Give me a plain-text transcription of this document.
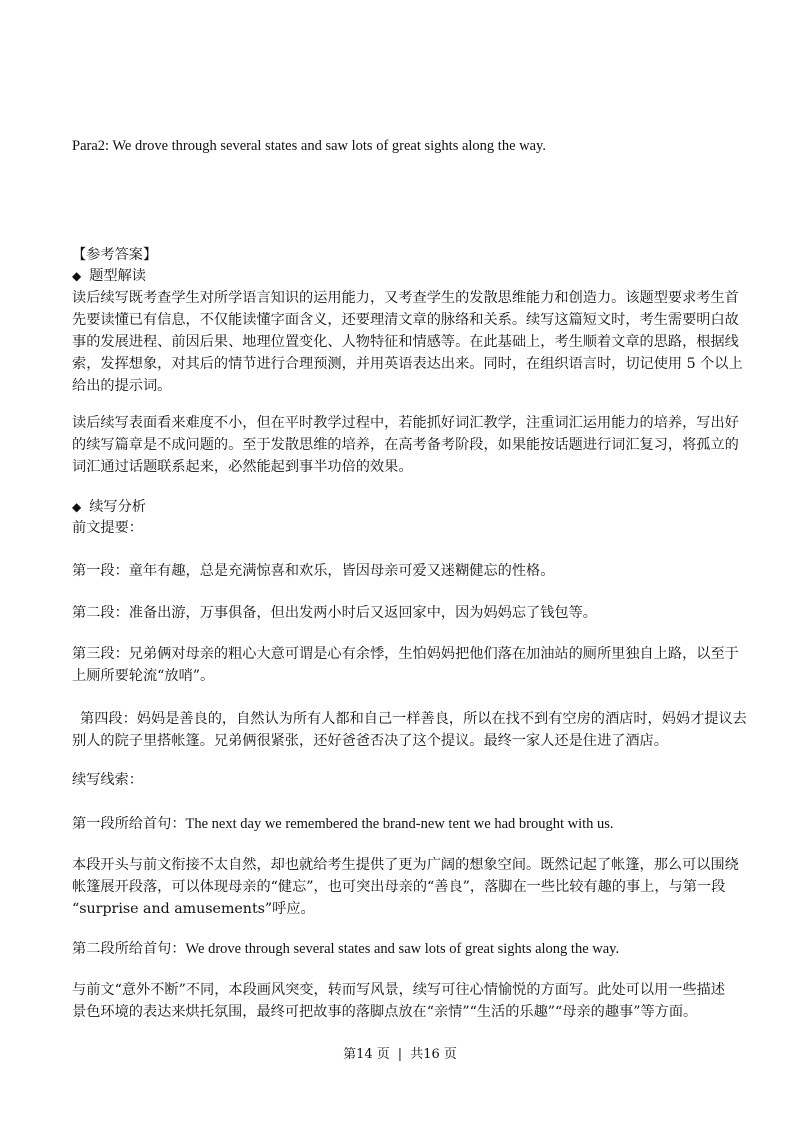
Para2: We drove through several states and saw lots of great sights along the way.
【参考答案】
◆ 题型解读
读后续写既考查学生对所学语言知识的运用能力，又考查学生的发散思维能力和创造力。该题型要求考生首
先要读懂已有信息，不仅能读懂字面含义，还要理清文章的脉络和关系。续写这篇短文时，考生需要明白故
事的发展进程、前因后果、地理位置变化、人物特征和情感等。在此基础上，考生顺着文章的思路，根据线
索，发挥想象，对其后的情节进行合理预测，并用英语表达出来。同时，在组织语言时，切记使用 5 个以上
给出的提示词。
读后续写表面看来难度不小，但在平时教学过程中，若能抓好词汇教学，注重词汇运用能力的培养，写出好
的续写篇章是不成问题的。至于发散思维的培养，在高考备考阶段，如果能按话题进行词汇复习，将孤立的
词汇通过话题联系起来，必然能起到事半功倍的效果。
◆ 续写分析
前文提要：
第一段：童年有趣，总是充满惊喜和欢乐，皆因母亲可爱又迷糊健忘的性格。
第二段：准备出游，万事俱备，但出发两小时后又返回家中，因为妈妈忘了钱包等。
第三段：兄弟俩对母亲的粗心大意可谓是心有余悸，生怕妈妈把他们落在加油站的厕所里独自上路，以至于
上厕所要轮流“放哨”。
第四段：妈妈是善良的，自然认为所有人都和自己一样善良，所以在找不到有空房的酒店时，妈妈才提议去
别人的院子里搭帐篷。兄弟俩很紧张，还好爸爸否决了这个提议。最终一家人还是住进了酒店。
续写线索：
第一段所给首句：The next day we remembered the brand-new tent we had brought with us.
本段开头与前文衔接不太自然，却也就给考生提供了更为广阔的想象空间。既然记起了帐篷，那么可以围绕
帐篷展开段落，可以体现母亲的“健忘”，也可突出母亲的“善良”，落脚在一些比较有趣的事上，与第一段
“surprise and amusements”呼应。
第二段所给首句：We drove through several states and saw lots of great sights along the way.
与前文“意外不断”不同，本段画风突变，转而写风景，续写可往心情愉悦的方面写。此处可以用一些描述
景色环境的表达来烘托氛围，最终可把故事的落脚点放在“亲情”“生活的乐趣”“母亲的趣事”等方面。
第14 页 | 共16 页
